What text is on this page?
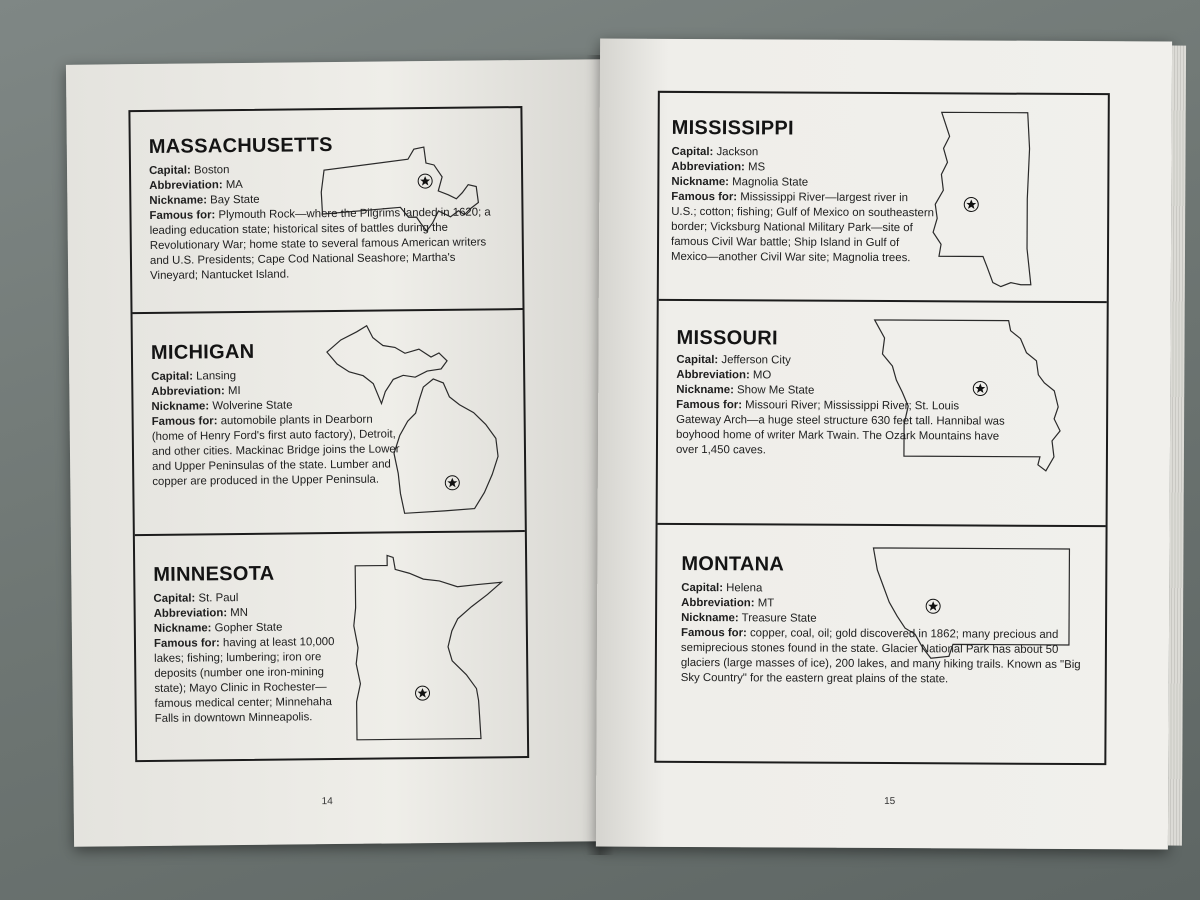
MASSACHUSETTS
Capital: Boston
Abbreviation: MA
Nickname: Bay State
Famous for: Plymouth Rock—where the Pilgrims landed in 1620; a leading education state; historical sites of battles during the Revolutionary War; home state to several famous American writers and U.S. Presidents; Cape Cod National Seashore; Martha's Vineyard; Nantucket Island.
MICHIGAN
Capital: Lansing
Abbreviation: MI
Nickname: Wolverine State
Famous for: automobile plants in Dearborn (home of Henry Ford's first auto factory), Detroit, and other cities. Mackinac Bridge joins the Lower and Upper Peninsulas of the state. Lumber and copper are produced in the Upper Peninsula.
MINNESOTA
Capital: St. Paul
Abbreviation: MN
Nickname: Gopher State
Famous for: having at least 10,000 lakes; fishing; lumbering; iron ore deposits (number one iron-mining state); Mayo Clinic in Rochester—famous medical center; Minnehaha Falls in downtown Minneapolis.
14
MISSISSIPPI
Capital: Jackson
Abbreviation: MS
Nickname: Magnolia State
Famous for: Mississippi River—largest river in U.S.; cotton; fishing; Gulf of Mexico on southeastern border; Vicksburg National Military Park—site of famous Civil War battle; Ship Island in Gulf of Mexico—another Civil War site; Magnolia trees.
MISSOURI
Capital: Jefferson City
Abbreviation: MO
Nickname: Show Me State
Famous for: Missouri River; Mississippi River; St. Louis Gateway Arch—a huge steel structure 630 feet tall. Hannibal was boyhood home of writer Mark Twain. The Ozark Mountains have over 1,450 caves.
MONTANA
Capital: Helena
Abbreviation: MT
Nickname: Treasure State
Famous for: copper, coal, oil; gold discovered in 1862; many precious and semiprecious stones found in the state. Glacier National Park has about 50 glaciers (large masses of ice), 200 lakes, and many hiking trails. Known as "Big Sky Country" for the eastern great plains of the state.
15
